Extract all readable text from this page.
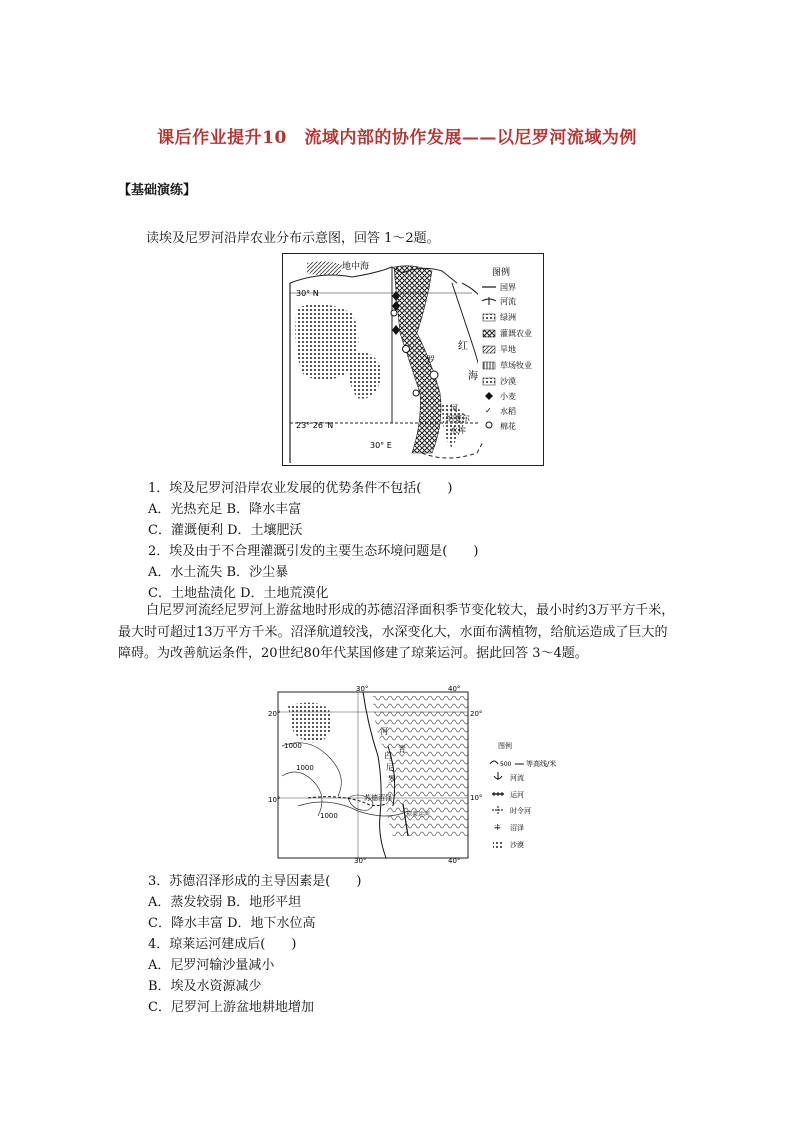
课后作业提升10　流域内部的协作发展——以尼罗河流域为例
【基础演练】
读埃及尼罗河沿岸农业分布示意图，回答 1～2题。
地中海
30° N
23° 26′ N
30° E
罗
河
红
海
纳赛尔
水库
图例
✓
国界
河流
绿洲
灌溉农业
旱地
草场牧业
沙漠
小麦
水稻
棉花
1．埃及尼罗河沿岸农业发展的优势条件不包括(　　)
A．光热充足 B．降水丰富
C．灌溉便利 D．土壤肥沃
2．埃及由于不合理灌溉引发的主要生态环境问题是(　　)
A．水土流失 B．沙尘暴
C．土地盐渍化 D．土地荒漠化
白尼罗河流经尼罗河上游盆地时形成的苏德沼泽面积季节变化较大，最小时约3万平方千米，最大时可超过13万平方千米。沼泽航道较浅，水深变化大，水面布满植物，给航运造成了巨大的障碍。为改善航运条件，20世纪80年代某国修建了琼莱运河。据此回答 3～4题。
30°	40°
20°	20°
10°	10°
30°	40°
1000
1000
1000
苏德沼泽
河
白
尼
罗
青
琼莱运河
图例
500
⁜
等高线/米
河流
运河
时令河
沼泽
沙漠
3．苏德沼泽形成的主导因素是(　　)
A．蒸发较弱 B．地形平坦
C．降水丰富 D．地下水位高
4．琼莱运河建成后(　　)
A．尼罗河输沙量减小
B．埃及水资源减少
C．尼罗河上游盆地耕地增加
